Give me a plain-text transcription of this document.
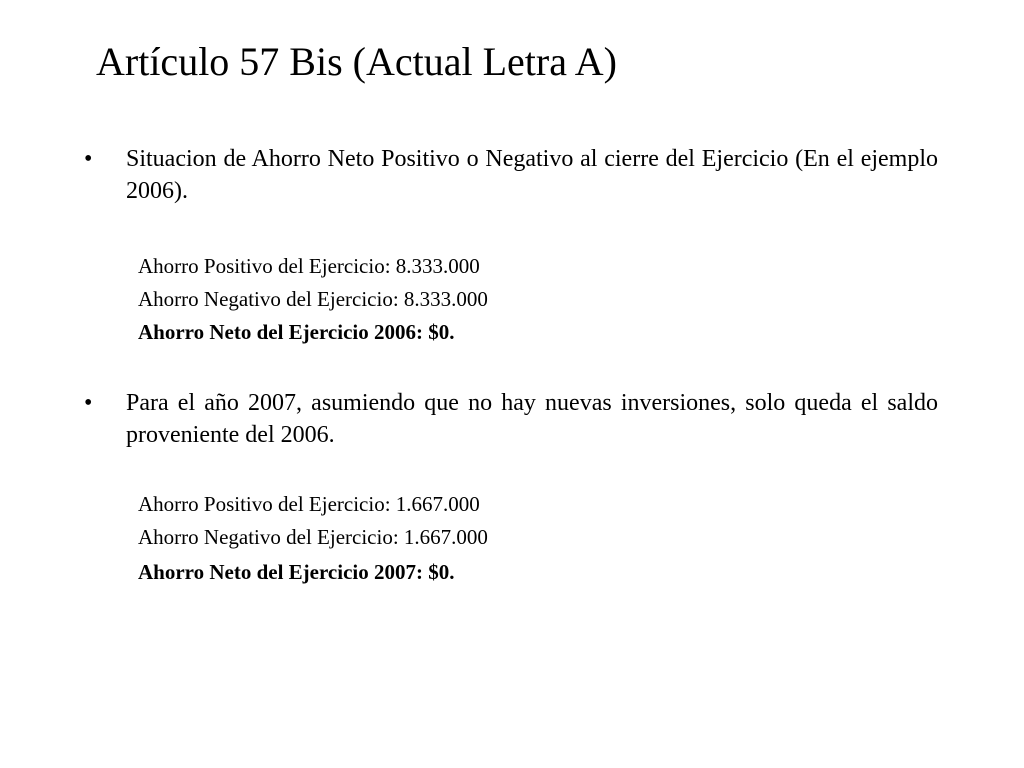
Artículo 57 Bis (Actual Letra A)
•	Situacion de Ahorro Neto Positivo o Negativo al cierre del Ejercicio (En el ejemplo 2006).
Ahorro Positivo del Ejercicio: 8.333.000
Ahorro Negativo del Ejercicio: 8.333.000
Ahorro Neto del Ejercicio 2006: $0.
•	Para el año 2007, asumiendo que no hay nuevas inversiones, solo queda el saldo proveniente del 2006.
Ahorro Positivo del Ejercicio: 1.667.000
Ahorro Negativo del Ejercicio: 1.667.000
Ahorro Neto del Ejercicio 2007: $0.
